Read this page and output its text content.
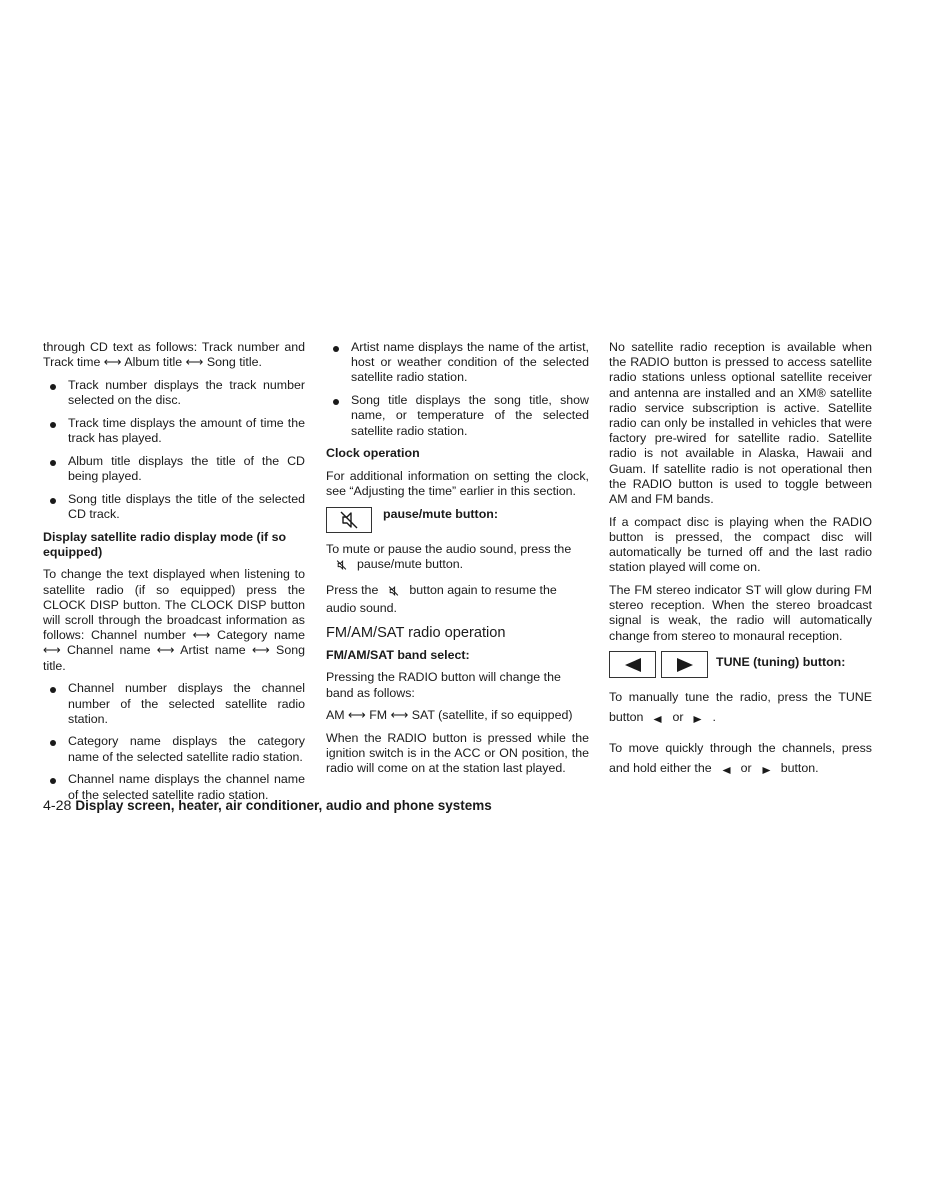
through CD text as follows: Track number and Track time ⟷ Album title ⟷ Song title.

Track number displays the track number selected on the disc.
Track time displays the amount of time the track has played.
Album title displays the title of the CD being played.
Song title displays the title of the selected CD track.
Display satellite radio display mode (if so equipped)

To change the text displayed when listening to satellite radio (if so equipped) press the CLOCK DISP button. The CLOCK DISP button will scroll through the broadcast information as follows: Channel number ⟷ Category name ⟷ Channel name ⟷ Artist name ⟷ Song title.

Channel number displays the channel number of the selected satellite radio station.
Category name displays the category name of the selected satellite radio station.
Channel name displays the channel name of the selected satellite radio station.
Artist name displays the name of the artist, host or weather condition of the selected satellite radio station.
Song title displays the song title, show name, or temperature of the selected satellite radio station.
Clock operation

For additional information on setting the clock, see “Adjusting the time” earlier in this section.

pause/mute button:

To mute or pause the audio sound, press thepause/mute button.

Press the	button again to resume the audio sound.

FM/AM/SAT radio operation
FM/AM/SAT band select:

Pressing the RADIO button will change the band as follows:

AM ⟷ FM ⟷ SAT (satellite, if so equipped)

When the RADIO button is pressed while the ignition switch is in the ACC or ON position, the radio will come on at the station last played.

No satellite radio reception is available when the RADIO button is pressed to access satellite radio stations unless optional satellite receiver and antenna are installed and an XM® satellite radio service subscription is active. Satellite radio can only be installed in vehicles that were factory pre-wired for satellite radio. Satellite radio is not available in Alaska, Hawaii and Guam. If satellite radio is not operational then the RADIO button is used to toggle between AM and FM bands.

If a compact disc is playing when the RADIO button is pressed, the compact disc will automatically be turned off and the last radio station played will come on.

The FM stereo indicator ST will glow during FM stereo reception. When the stereo broadcast signal is weak, the radio will automatically change from stereo to monaural reception.

TUNE (tuning) button:

To manually tune the radio, press the TUNE button or .

To move quickly through the channels, press and hold either the or button.

4-28 Display screen, heater, air conditioner, audio and phone systems
